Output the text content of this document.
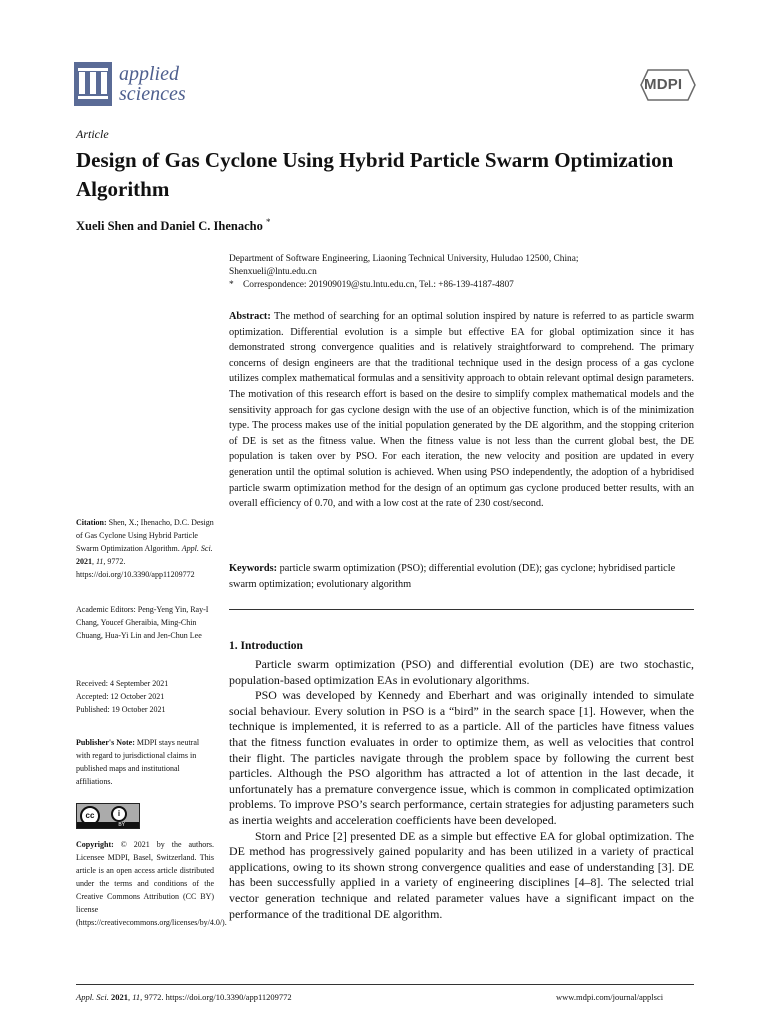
applied
sciences	MDPI
Article
Design of Gas Cyclone Using Hybrid Particle Swarm Optimization Algorithm
Xueli Shen and Daniel C. Ihenacho *
Department of Software Engineering, Liaoning Technical University, Huludao 12500, China;
Shenxueli@lntu.edu.cn
* Correspondence: 201909019@stu.lntu.edu.cn, Tel.: +86-139-4187-4807
Abstract: The method of searching for an optimal solution inspired by nature is referred to as particle swarm optimization. Differential evolution is a simple but effective EA for global optimization since it has demonstrated strong convergence qualities and is relatively straightforward to comprehend. The primary concerns of design engineers are that the traditional technique used in the design process of a gas cyclone utilizes complex mathematical formulas and a sensitivity approach to obtain relevant optimal design parameters. The motivation of this research effort is based on the desire to simplify complex mathematical models and the sensitivity approach for gas cyclone design with the use of an objective function, which is of the minimization type. The process makes use of the initial population generated by the DE algorithm, and the stopping criterion of DE is set as the fitness value. When the fitness value is not less than the current global best, the DE population is taken over by PSO. For each iteration, the new velocity and position are updated in every generation until the optimal solution is achieved. When using PSO independently, the adoption of a hybridised particle swarm optimization method for the design of an optimum gas cyclone produced better results, with an overall efficiency of 0.70, and with a low cost at the rate of 230 cost/second.
Keywords: particle swarm optimization (PSO); differential evolution (DE); gas cyclone; hybridised particle swarm optimization; evolutionary algorithm
Citation: Shen, X.; Ihenacho, D.C. Design of Gas Cyclone Using Hybrid Particle Swarm Optimization Algorithm. Appl. Sci. 2021, 11, 9772. https://doi.org/10.3390/app11209772
Academic Editors: Peng-Yeng Yin, Ray-I Chang, Youcef Gheraibia, Ming-Chin Chuang, Hua-Yi Lin and Jen-Chun Lee
Received: 4 September 2021
Accepted: 12 October 2021
Published: 19 October 2021
Publisher's Note: MDPI stays neutral with regard to jurisdictional claims in published maps and institutional affiliations.
cc	i
BY
Copyright: © 2021 by the authors. Licensee MDPI, Basel, Switzerland. This article is an open access article distributed under the terms and conditions of the Creative Commons Attribution (CC BY) license (https://creativecommons.org/licenses/by/4.0/).
1. Introduction

Particle swarm optimization (PSO) and differential evolution (DE) are two stochastic, population-based optimization EAs in evolutionary algorithms.

PSO was developed by Kennedy and Eberhart and was originally intended to simulate social behaviour. Every solution in PSO is a “bird” in the search space [1]. However, when the technique is implemented, it is referred to as a particle. All of the particles have fitness values that the fitness function evaluates in order to optimize them, as well as velocities that control their flight. The particles navigate through the problem space by following the current best particles. Although the PSO algorithm has attracted a lot of attention in the last decade, it unfortunately has a premature convergence issue, which is common in complicated optimization problems. To improve PSO’s search performance, certain strategies for adjusting parameters such as inertia weights and acceleration coefficients have been developed.

Storn and Price [2] presented DE as a simple but effective EA for global optimization. The DE method has progressively gained popularity and has been utilized in a variety of practical applications, owing to its shown strong convergence qualities and ease of understanding [3]. DE has been successfully applied in a variety of engineering disciplines [4–8]. The selected trial vector generation technique and related parameter values have a significant impact on the performance of the traditional DE algorithm.

Appl. Sci. 2021, 11, 9772. https://doi.org/10.3390/app11209772	www.mdpi.com/journal/applsci
